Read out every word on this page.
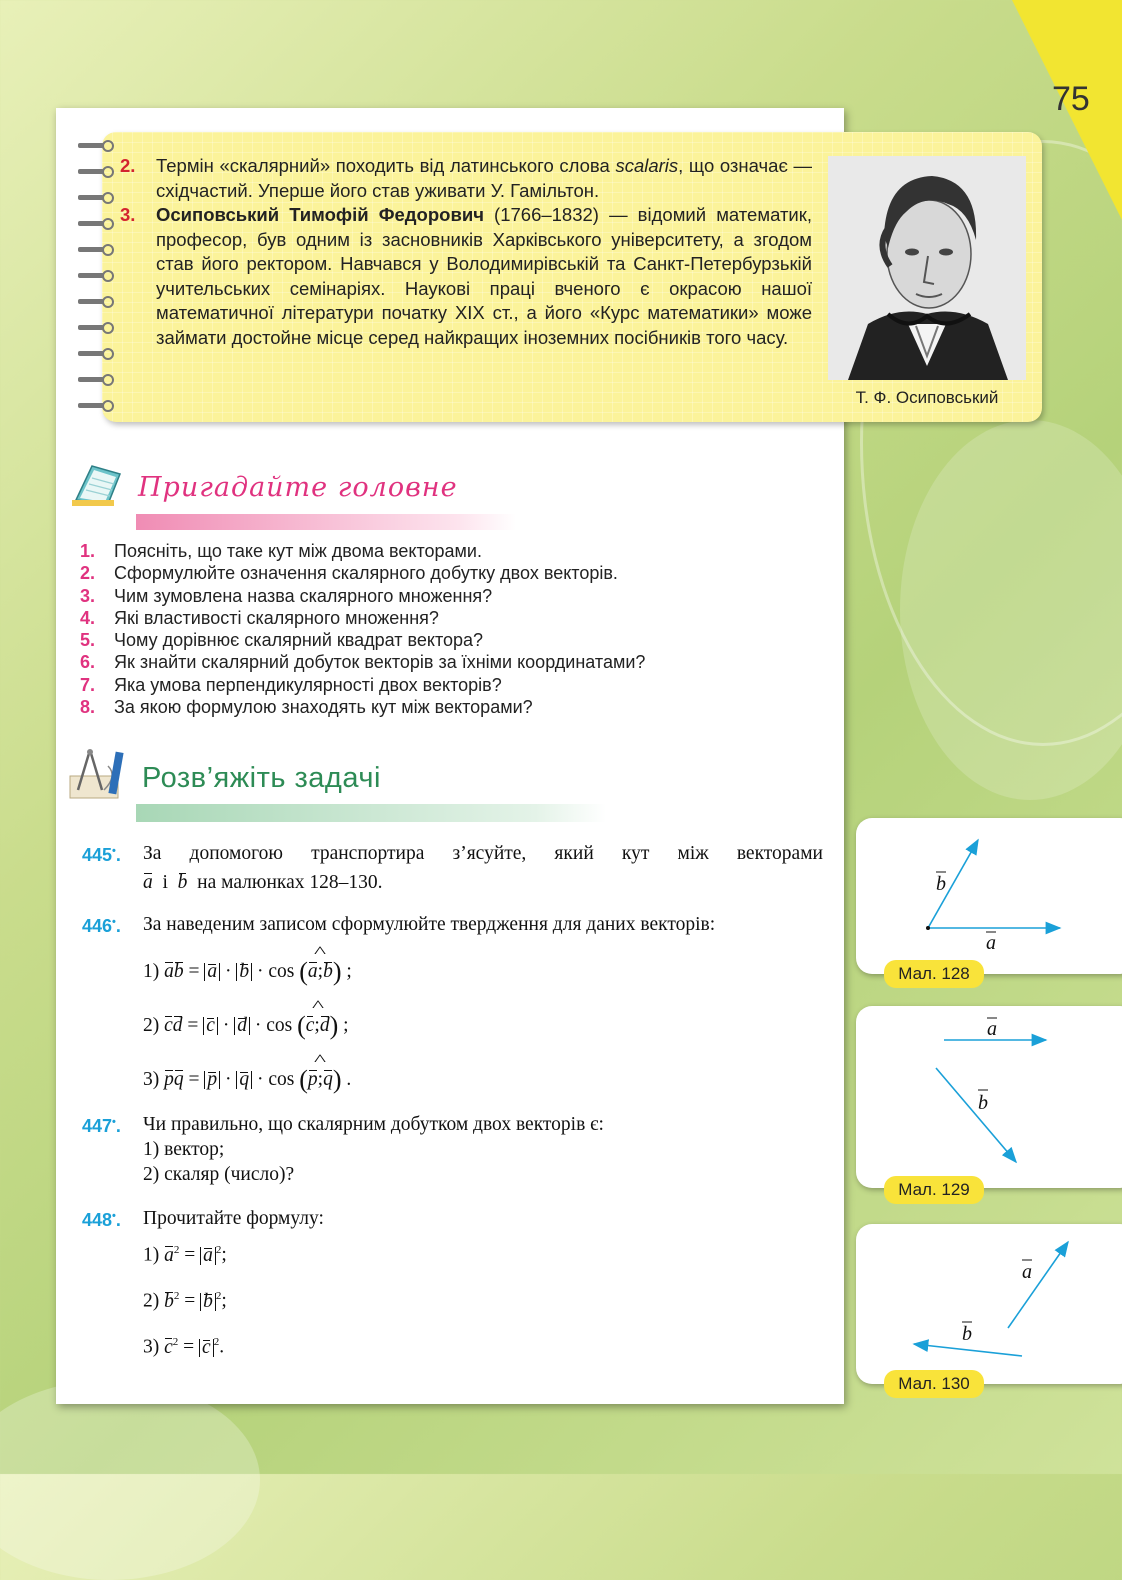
75
2. Термін «скалярний» походить від латинського слова scalaris, що означає — східчастий. Уперше його став уживати У. Гамільтон.
3. Осиповський Тимофій Федорович (1766–1832) — відомий математик, професор, був одним із засновників Харківського університету, а згодом став його ректором. Навчався у Володимирівській та Санкт-Петербурзькій учительських семінаріях. Наукові праці вченого є окрасою нашої математичної літератури початку XIX ст., а його «Курс математики» може займати достойне місце серед найкращих іноземних посібників того часу.
Т. Ф. Осиповський
Пригадайте головне
1. Поясніть, що таке кут між двома векторами.
2. Сформулюйте означення скалярного добутку двох векторів.
3. Чим зумовлена назва скалярного множення?
4. Які властивості скалярного множення?
5. Чому дорівнює скалярний квадрат вектора?
6. Як знайти скалярний добуток векторів за їхніми координатами?
7. Яка умова перпендикулярності двох векторів?
8. За якою формулою знаходять кут між векторами?
Розв’яжіть задачі
445•. За допомогою транспортира з’ясуйте, який кут між векторами
a і b на малюнках 128–130.
446•. За наведеним записом сформулюйте твердження для даних векторів:
1) ab = a · b · cos (a;b ^) ;
2) cd = c · d · cos (c;d ^) ;
3) pq = p · q · cos (p;q ^) .
447•. Чи правильно, що скалярним добутком двох векторів є:
1) вектор;
2) скаляр (число)?
448•. Прочитайте формулу:
1) $a^2 = a$ $^2$;
2) $b^2 = b$ $^2$;
3) $c^2 = c$ $^2$.
b
a
Мал. 128
a
b
Мал. 129
a
b
Мал. 130
